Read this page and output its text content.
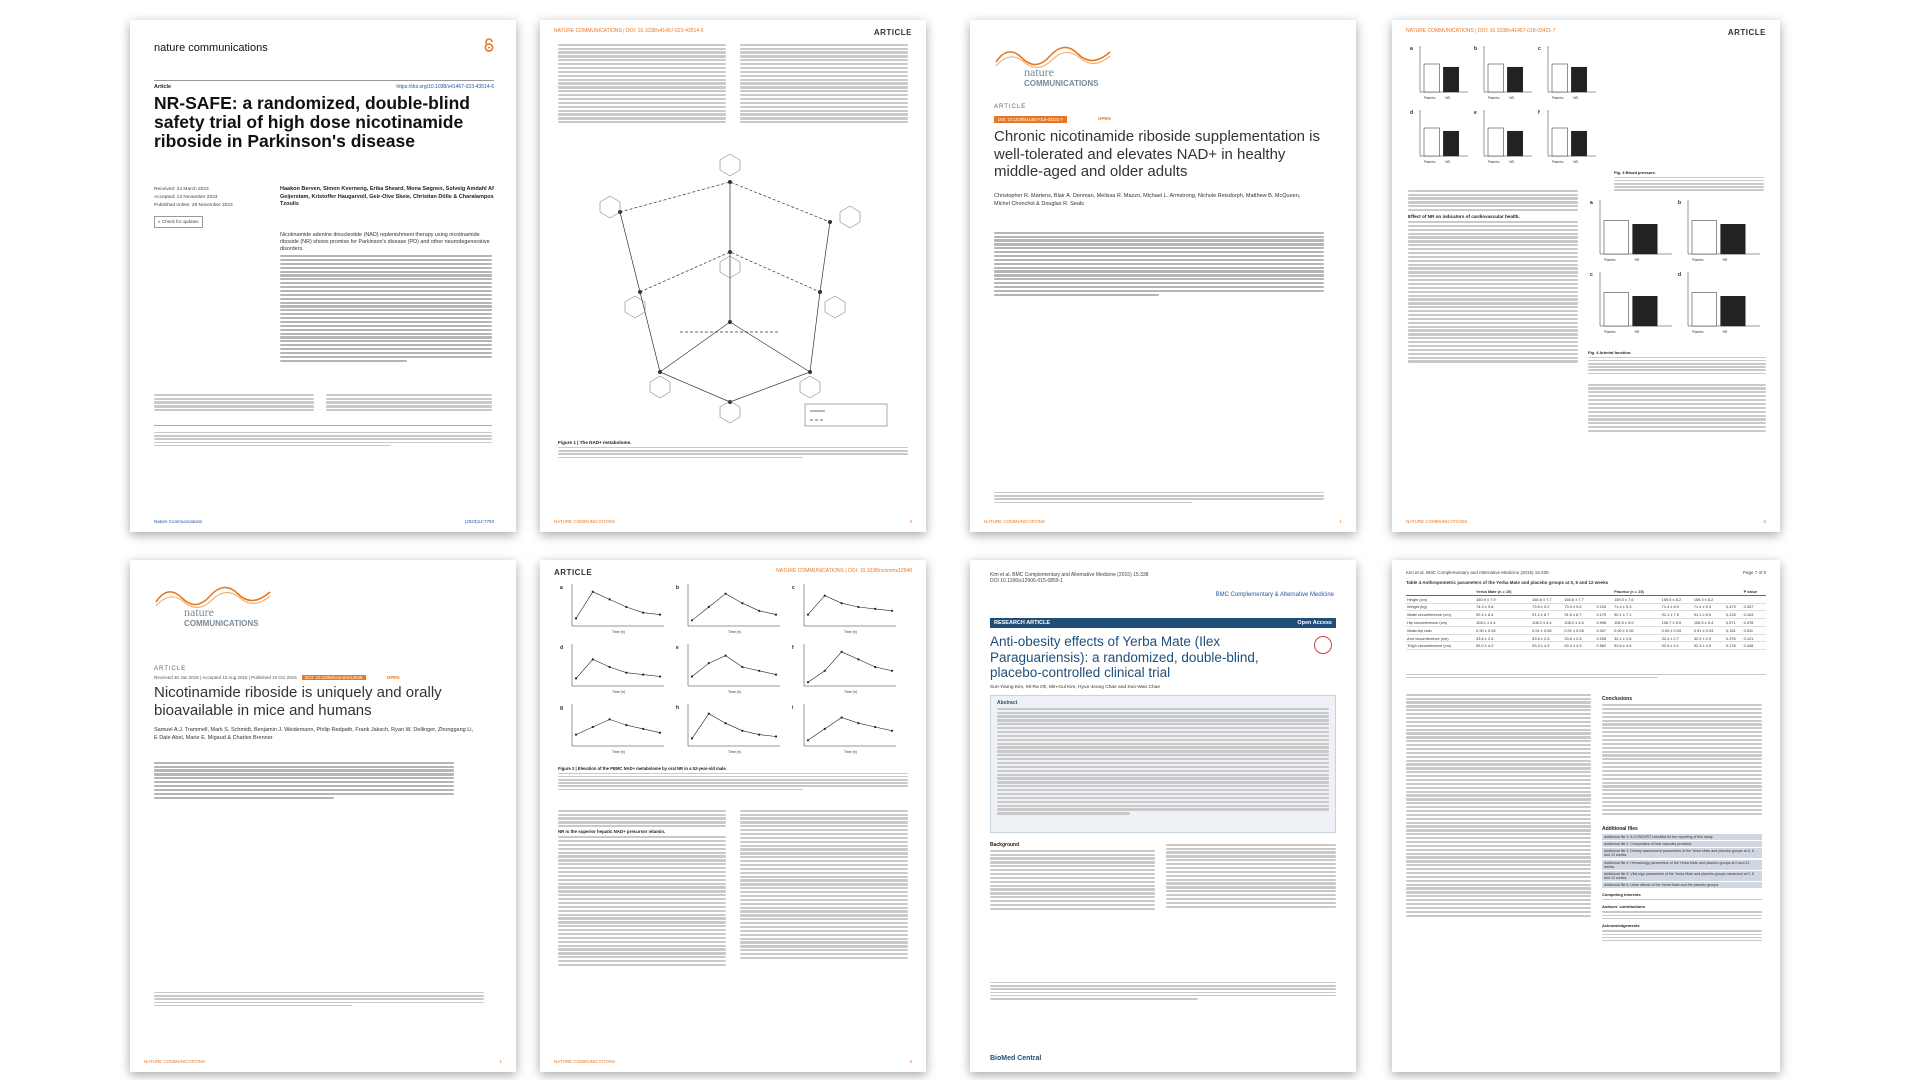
nature communications
Article	https://doi.org/10.1038/s41467-023-43514-6
NR-SAFE: a randomized, double-blind safety trial of high dose nicotinamide riboside in Parkinson's disease
Received: 24 March 2023
Accepted: 13 November 2023
Published online: 28 November 2023
◐ Check for updates
Haakon Berven, Simon Kverneng, Erika Sheard, Mona Søgnen, Solveig Amdahl Af Geijerstam, Kristoffer Haugarvoll, Geir-Olve Skeie, Christian Dölle & Charalampos Tzoulis
Nicotinamide adenine dinucleotide (NAD) replenishment therapy using nicotinamide riboside (NR) shows promise for Parkinson's disease (PD) and other neurodegenerative disorders.
Nature Communications	(2023)14:7793
NATURE COMMUNICATIONS | DOI: 10.1038/s41467-023-43514-6	ARTICLE
Figure 1 | The NAD+ metabolome.
NATURE COMMUNICATIONS	3
nature
COMMUNICATIONS
ARTICLE
DOI: 10.1038/s41467-018-03421-7	OPEN
Chronic nicotinamide riboside supplementation is well-tolerated and elevates NAD+ in healthy middle-aged and older adults
Christopher R. Martens, Blair A. Denman, Melissa R. Mazzo, Michael L. Armstrong, Nichole Reisdorph, Matthew B. McQueen, Michel Chonchol & Douglas R. Seals
NATURE COMMUNICATIONS	1
NATURE COMMUNICATIONS | DOI: 10.1038/s41467-018-03421-7	ARTICLE
a
Placebo	NR
b
Placebo	NR
c
Placebo	NR
d
Placebo	NR
e
Placebo	NR
f
Placebo	NR
Fig. 3 Blood pressure.
Effect of NR on indicators of cardiovascular health.
a
Placebo	NR
b
Placebo	NR
c
Placebo	NR
d
Placebo	NR
Fig. 4 Arterial function.
NATURE COMMUNICATIONS	5
nature
COMMUNICATIONS
ARTICLE
Received 30 Jan 2016 | Accepted 12 Aug 2016 | Published 10 Oct 2016 DOI: 10.1038/ncomms12948	OPEN
Nicotinamide riboside is uniquely and orally bioavailable in mice and humans
Samuel A.J. Trammell, Mark S. Schmidt, Benjamin J. Weidemann, Philip Redpath, Frank Jaksch, Ryan W. Dellinger, Zhonggang Li, E Dale Abel, Marie E. Migaud & Charles Brenner
NATURE COMMUNICATIONS	1
ARTICLE	NATURE COMMUNICATIONS | DOI: 10.1038/ncomms12948
a
Time (h)
b
Time (h)
c
Time (h)
d
Time (h)
e
Time (h)
f
Time (h)
g
Time (h)
h
Time (h)
i
Time (h)
Figure 2 | Elevation of the PBMC NAD+ metabolome by oral NR in a 52-year-old male.
NR is the superior hepatic NAD+ precursor vitamin.
NATURE COMMUNICATIONS	3
Kim et al. BMC Complementary and Alternative Medicine (2015) 15:338
DOI 10.1186/s12906-015-0859-1
BMC Complementary & Alternative Medicine
RESEARCH ARTICLE	Open Access
Anti-obesity effects of Yerba Mate (Ilex Paraguariensis): a randomized, double-blind, placebo-controlled clinical trial
Sun-Young Kim, Mi-Ra Oh, Min-Gul Kim, Hyun-Jeong Chae and Soo-Wan Chae
Abstract
Background
BioMed Central
Kim et al. BMC Complementary and Alternative Medicine (2015) 15:338	Page 7 of 8
Table 4 Anthropometric parameters of the Yerba Mate and placebo groups at 0, 6 and 12 weeks
	Yerba Mate (n = 15)				Placebo (n = 15)				P value
Height (cm)	160.9 ± 7.9	160.6 ± 7.7	160.6 ± 7.7		159.5 ± 7.6	159.5 ± 8.2	159.3 ± 8.2		
Weight (kg)	74.3 ± 9.6	73.5 ± 9.2	73.3 ± 9.6	0.153	71.4 ± 9.3	71.4 ± 8.9	71.4 ± 9.3	0.473	0.337
Waist circumference (cm)	92.4 ± 6.4	91.2 ± 6.7	91.5 ± 6.7	0.170	90.1 ± 7.1	91.1 ± 7.5	91.1 ± 6.9	0.218	0.163
Hip circumference (cm)	108.1 ± 4.4	108.2 ± 4.4	108.2 ± 4.5	0.996	106.5 ± 5.5	106.7 ± 5.5	106.9 ± 5.4	0.571	0.478
Waist-hip ratio	0.90 ± 0.05	0.91 ± 0.06	0.91 ± 0.06	0.007	0.90 ± 0.06	0.90 ± 0.04	0.91 ± 0.04	0.151	0.811
Arm circumference (cm)	33.8 ± 2.6	33.6 ± 2.5	33.6 ± 2.5	0.005	32.1 ± 2.6	32.4 ± 2.7	32.0 ± 2.9	0.376	0.121
Thigh circumference (cm)	53.0 ± 4.2	53.3 ± 4.3	53.3 ± 4.3	0.562	52.6 ± 4.5	52.5 ± 4.1	52.3 ± 4.5	0.278	0.448
Conclusions
Additional files
Additional file 1: A CONSORT checklist for the reporting of this study.
Additional file 2: Composition of trial capsules provided.
Additional file 3: Dietary assessment parameters of the Yerba Mate and placebo groups at 0, 6 and 12 weeks.
Additional file 4: Hematology parameters of the Yerba Mate and placebo groups at 0 and 12 weeks.
Additional file 5: Vital sign parameters of the Yerba Mate and placebo groups measured at 0, 6 and 12 weeks.
Additional file 6: Urine effects of the Yerba Mate and the placebo groups.
Competing interests
Authors' contributions
Acknowledgements
